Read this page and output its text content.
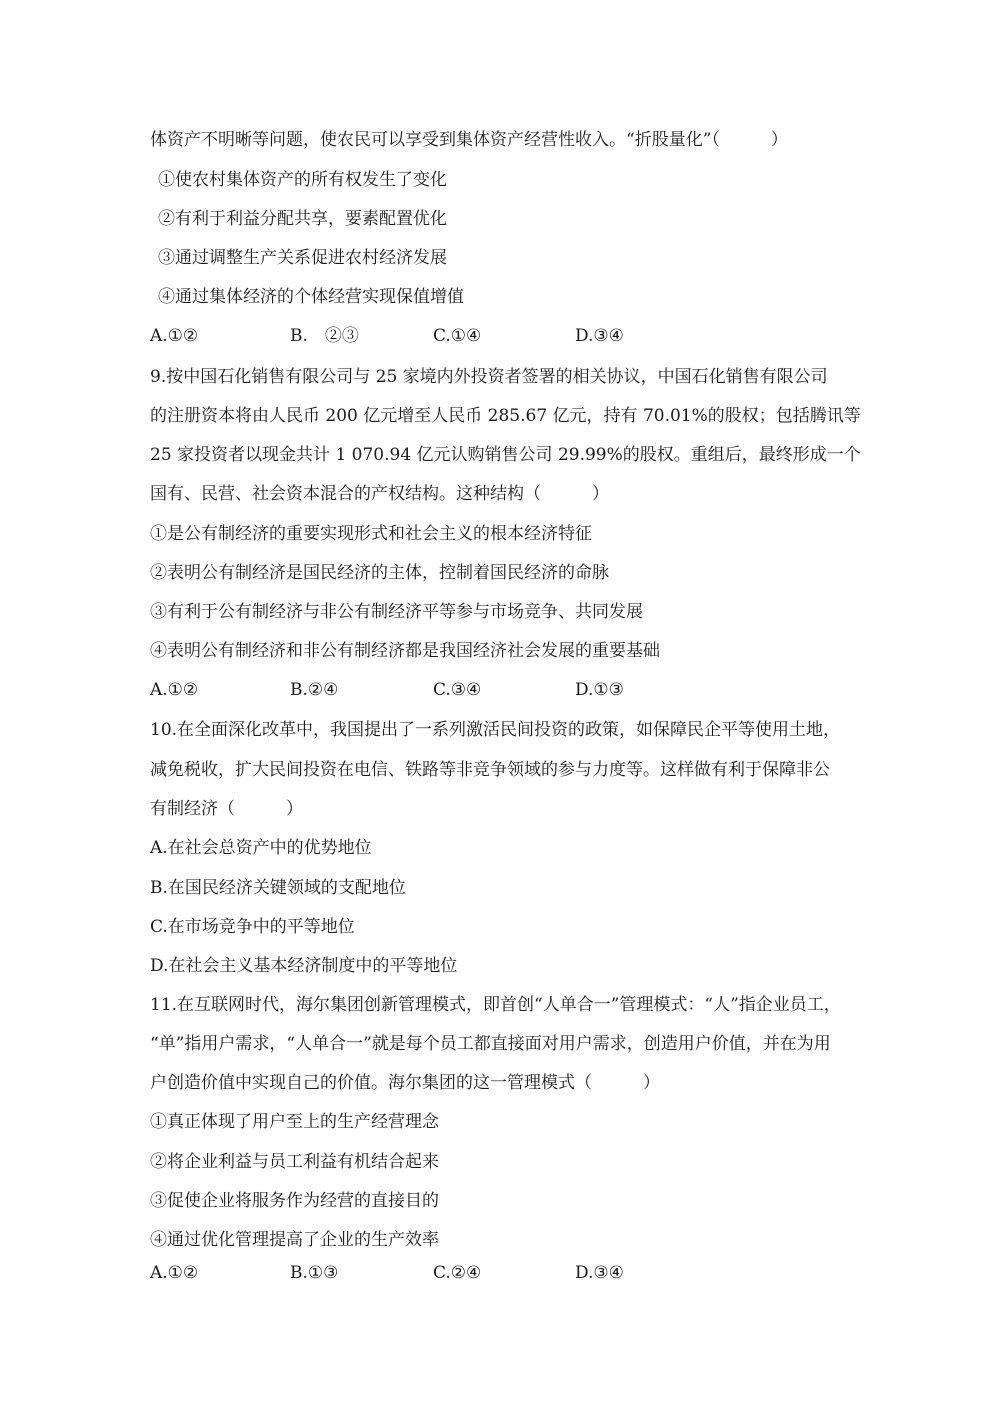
体资产不明晰等问题，使农民可以享受到集体资产经营性收入。“折股量化”（　　　）
①使农村集体资产的所有权发生了变化
②有利于利益分配共享，要素配置优化
③通过调整生产关系促进农村经济发展
④通过集体经济的个体经营实现保值增值
A.①②	B.　②③	C.①④	D.③④
9.按中国石化销售有限公司与 25 家境内外投资者签署的相关协议，中国石化销售有限公司
的注册资本将由人民币 200 亿元增至人民币 285.67 亿元，持有 70.01%的股权；包括腾讯等
25 家投资者以现金共计 1 070.94 亿元认购销售公司 29.99%的股权。重组后，最终形成一个
国有、民营、社会资本混合的产权结构。这种结构（　　　）
①是公有制经济的重要实现形式和社会主义的根本经济特征
②表明公有制经济是国民经济的主体，控制着国民经济的命脉
③有利于公有制经济与非公有制经济平等参与市场竞争、共同发展
④表明公有制经济和非公有制经济都是我国经济社会发展的重要基础
A.①②	B.②④	C.③④	D.①③
10.在全面深化改革中，我国提出了一系列激活民间投资的政策，如保障民企平等使用土地，
减免税收，扩大民间投资在电信、铁路等非竞争领域的参与力度等。这样做有利于保障非公
有制经济（　　　）
A.在社会总资产中的优势地位
B.在国民经济关键领域的支配地位
C.在市场竞争中的平等地位
D.在社会主义基本经济制度中的平等地位
11.在互联网时代，海尔集团创新管理模式，即首创“人单合一”管理模式：“人”指企业员工，
“单”指用户需求，“人单合一”就是每个员工都直接面对用户需求，创造用户价值，并在为用
户创造价值中实现自己的价值。海尔集团的这一管理模式（　　　）
①真正体现了用户至上的生产经营理念
②将企业利益与员工利益有机结合起来
③促使企业将服务作为经营的直接目的
④通过优化管理提高了企业的生产效率
A.①②	B.①③	C.②④	D.③④
